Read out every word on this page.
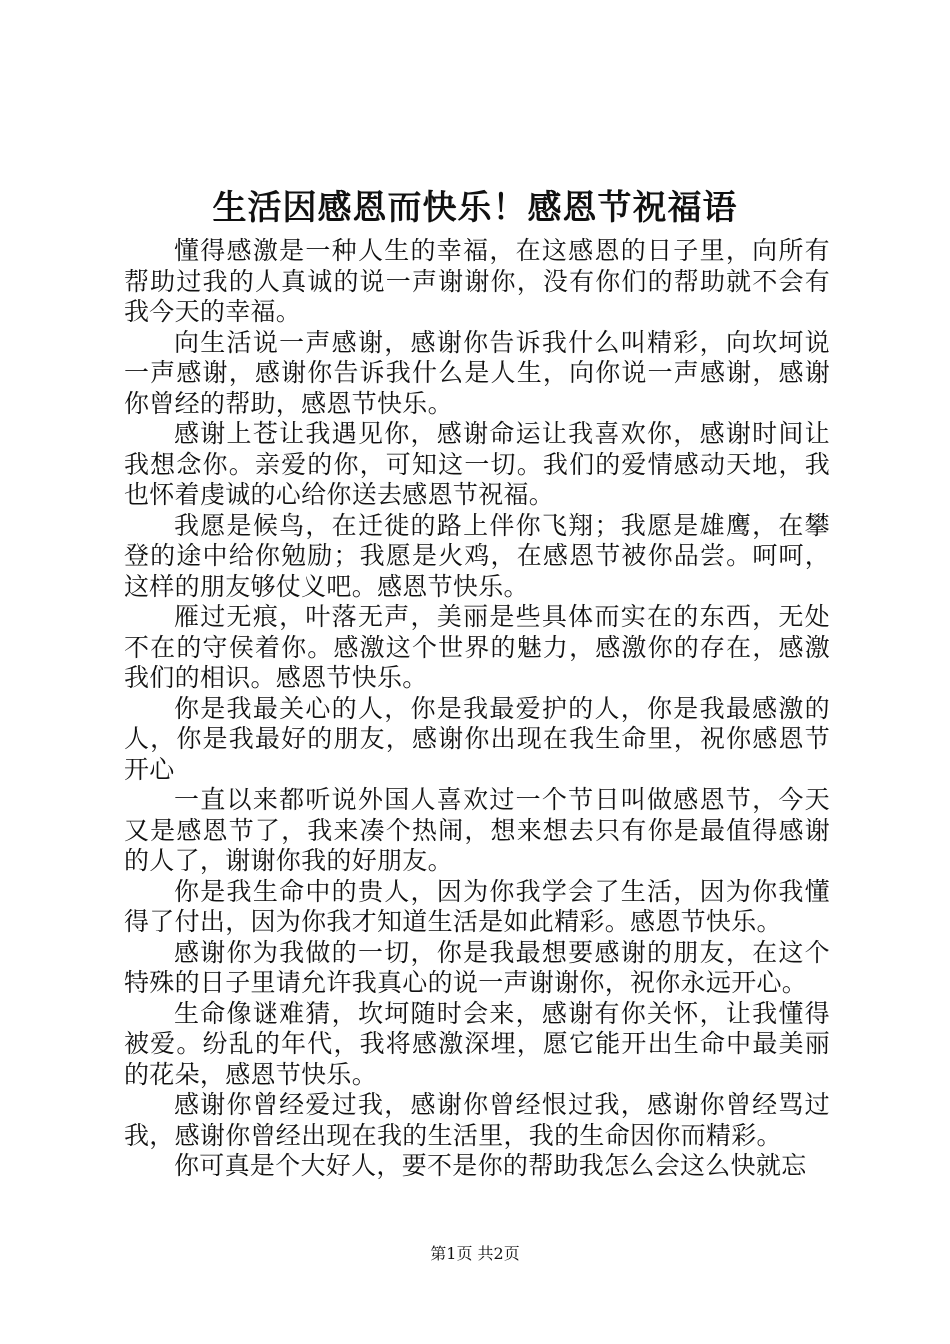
生活因感恩而快乐！感恩节祝福语

懂得感激是一种人生的幸福，在这感恩的日子里，向所有帮助过我的人真诚的说一声谢谢你，没有你们的帮助就不会有我今天的幸福。

向生活说一声感谢，感谢你告诉我什么叫精彩，向坎坷说一声感谢，感谢你告诉我什么是人生，向你说一声感谢，感谢你曾经的帮助，感恩节快乐。

感谢上苍让我遇见你，感谢命运让我喜欢你，感谢时间让我想念你。亲爱的你，可知这一切。我们的爱情感动天地，我也怀着虔诚的心给你送去感恩节祝福。

我愿是候鸟，在迁徙的路上伴你飞翔；我愿是雄鹰，在攀登的途中给你勉励；我愿是火鸡，在感恩节被你品尝。呵呵，这样的朋友够仗义吧。感恩节快乐。

雁过无痕，叶落无声，美丽是些具体而实在的东西，无处不在的守侯着你。感激这个世界的魅力，感激你的存在，感激我们的相识。感恩节快乐。

你是我最关心的人，你是我最爱护的人，你是我最感激的人，你是我最好的朋友，感谢你出现在我生命里，祝你感恩节开心

一直以来都听说外国人喜欢过一个节日叫做感恩节，今天又是感恩节了，我来凑个热闹，想来想去只有你是最值得感谢的人了，谢谢你我的好朋友。

你是我生命中的贵人，因为你我学会了生活，因为你我懂得了付出，因为你我才知道生活是如此精彩。感恩节快乐。

感谢你为我做的一切，你是我最想要感谢的朋友，在这个特殊的日子里请允许我真心的说一声谢谢你，祝你永远开心。

生命像谜难猜，坎坷随时会来，感谢有你关怀，让我懂得被爱。纷乱的年代，我将感激深埋，愿它能开出生命中最美丽的花朵，感恩节快乐。

感谢你曾经爱过我，感谢你曾经恨过我，感谢你曾经骂过我，感谢你曾经出现在我的生活里，我的生命因你而精彩。

你可真是个大好人，要不是你的帮助我怎么会这么快就忘

第1页 共2页
